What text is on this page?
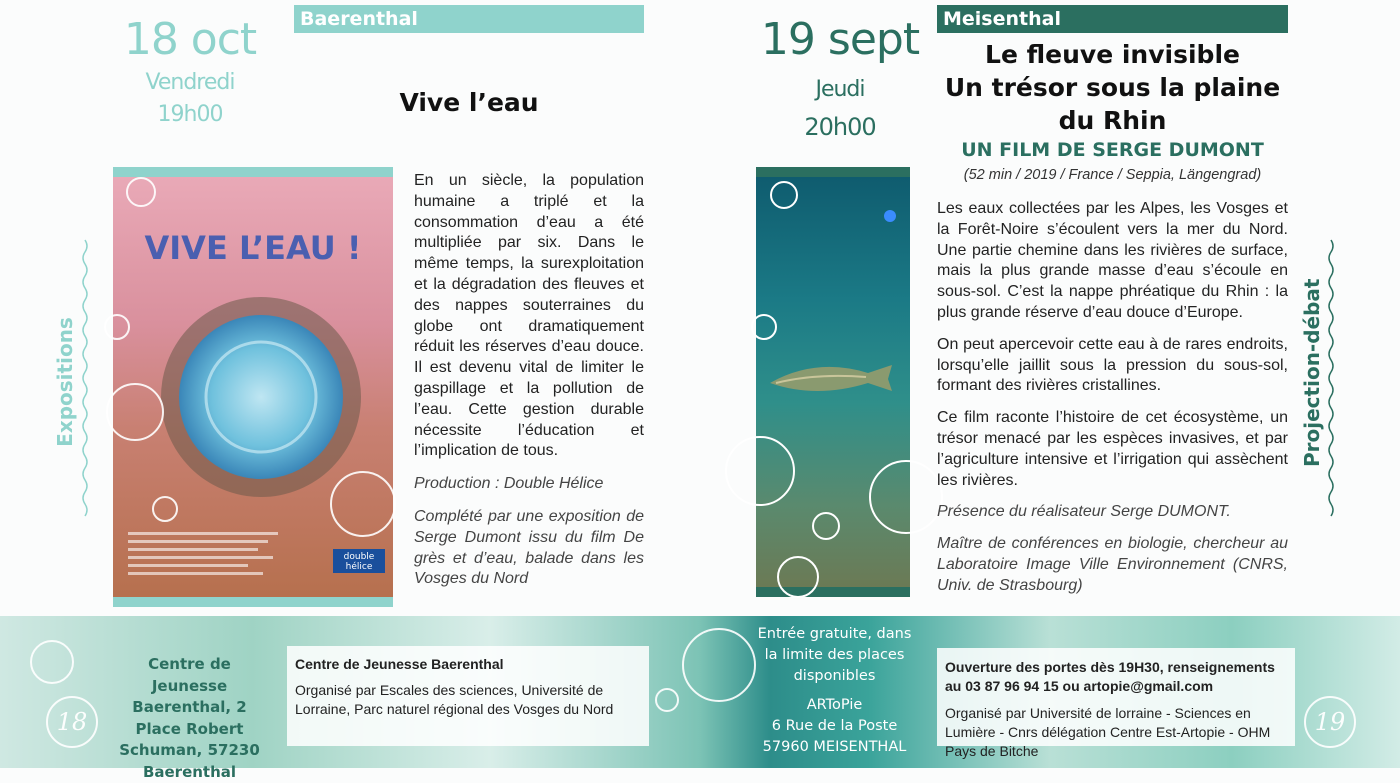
18 oct
Vendredi
19h00
Baerenthal
Vive l’eau
VIVE L’EAU !
double
hélice

En un siècle, la population humaine a triplé et la consommation d’eau a été multipliée par six. Dans le même temps, la surexploitation et la dégradation des fleuves et des nappes souterraines du globe ont dramatiquement réduit les réserves d’eau douce. Il est devenu vital de limiter le gaspillage et la pollution de l’eau. Cette gestion durable nécessite l’éducation et l’implication de tous.

Production : Double Hélice

Complété par une exposition de Serge Dumont issu du film De grès et d’eau, balade dans les Vosges du Nord

Expositions
19 sept
Jeudi
20h00
Meisenthal
Le fleuve invisible
Un trésor sous la plaine
du Rhin
UN FILM DE SERGE DUMONT
(52 min / 2019 / France / Seppia, Längengrad)

Les eaux collectées par les Alpes, les Vosges et la Forêt-Noire s’écoulent vers la mer du Nord. Une partie chemine dans les rivières de surface, mais la plus grande masse d’eau s’écoule en sous-sol. C’est la nappe phréatique du Rhin : la plus grande réserve d’eau douce d’Europe.

On peut apercevoir cette eau à de rares endroits, lorsqu’elle jaillit sous la pression du sous-sol, formant des rivières cristallines.

Ce film raconte l’histoire de cet écosystème, un trésor menacé par les espèces invasives, et par l’agriculture intensive et l’irrigation qui assèchent les rivières.

Présence du réalisateur Serge DUMONT.

Maître de conférences en biologie, chercheur au Laboratoire Image Ville Environnement (CNRS, Univ. de Strasbourg)

Projection-débat
18
Centre de Jeunesse Baerenthal, 2 Place Robert Schuman, 57230 Baerenthal
Centre de Jeunesse Baerenthal
Organisé par Escales des sciences, Université de Lorraine, Parc naturel régional des Vosges du Nord
Entrée gratuite, dans la limite des places disponibles
ARToPie
6 Rue de la Poste
57960 MEISENTHAL
Ouverture des portes dès 19H30, renseignements au 03 87 96 94 15 ou artopie@gmail.com
Organisé par Université de lorraine - Sciences en Lumière - Cnrs délégation Centre Est-Artopie - OHM Pays de Bitche
19
